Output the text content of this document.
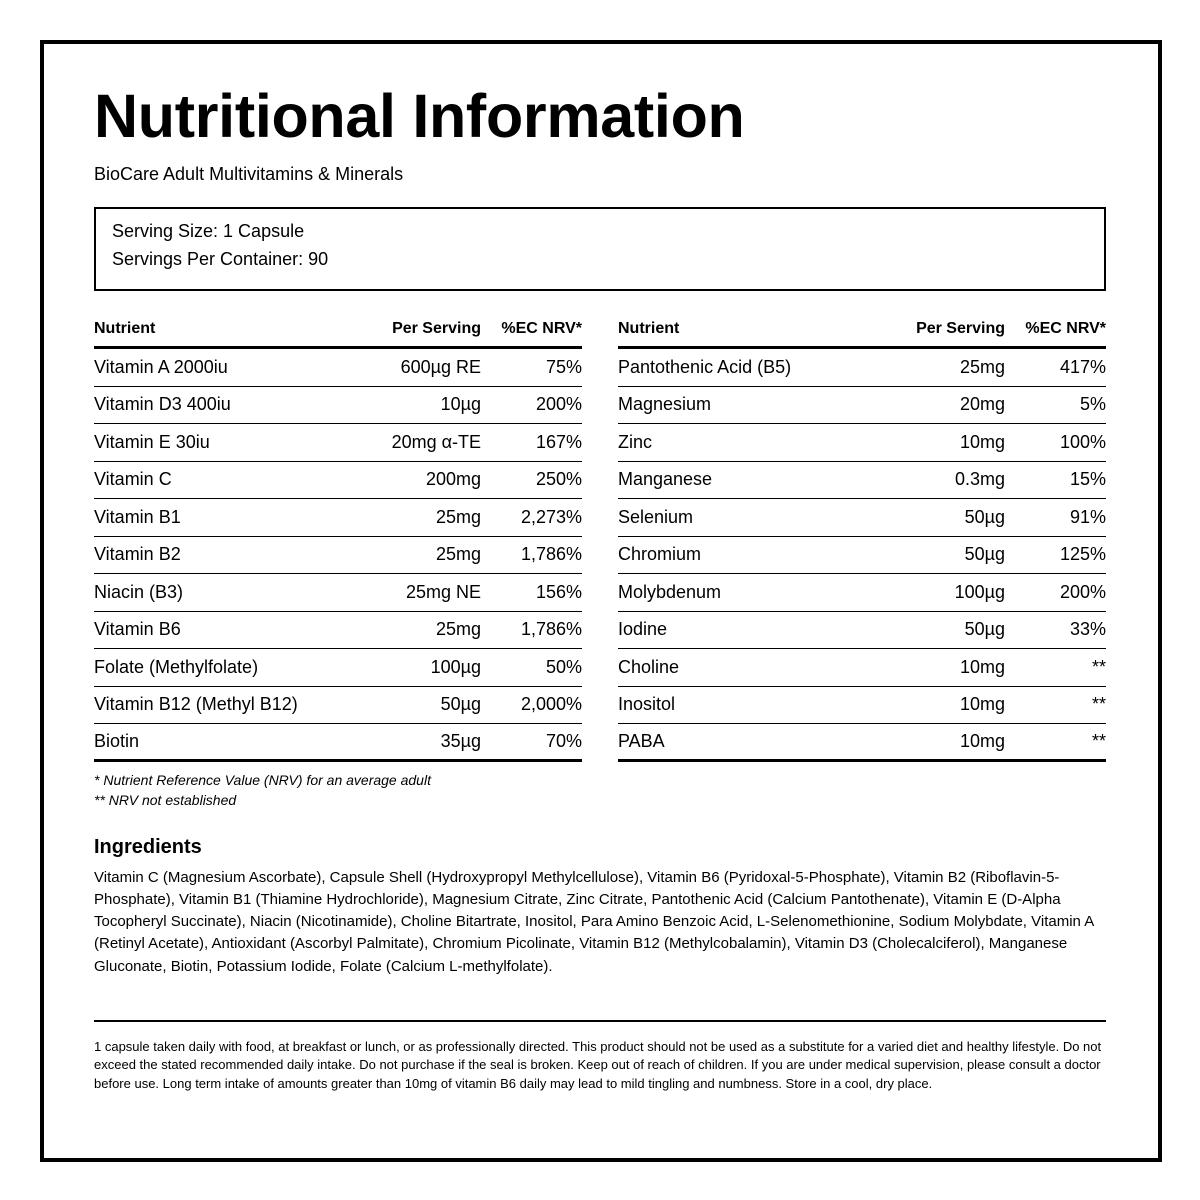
Nutritional Information
BioCare Adult Multivitamins & Minerals
Serving Size: 1 Capsule
Servings Per Container: 90
Nutrient	Per Serving	%EC NRV*
Vitamin A 2000iu	600µg RE	75%
Vitamin D3 400iu	10µg	200%
Vitamin E 30iu	20mg α-TE	167%
Vitamin C	200mg	250%
Vitamin B1	25mg	2,273%
Vitamin B2	25mg	1,786%
Niacin (B3)	25mg NE	156%
Vitamin B6	25mg	1,786%
Folate (Methylfolate)	100µg	50%
Vitamin B12 (Methyl B12)	50µg	2,000%
Biotin	35µg	70%
Nutrient	Per Serving	%EC NRV*
Pantothenic Acid (B5)	25mg	417%
Magnesium	20mg	5%
Zinc	10mg	100%
Manganese	0.3mg	15%
Selenium	50µg	91%
Chromium	50µg	125%
Molybdenum	100µg	200%
Iodine	50µg	33%
Choline	10mg	**
Inositol	10mg	**
PABA	10mg	**
* Nutrient Reference Value (NRV) for an average adult
** NRV not established
Ingredients
Vitamin C (Magnesium Ascorbate), Capsule Shell (Hydroxypropyl Methylcellulose), Vitamin B6 (Pyridoxal-5-Phosphate), Vitamin B2 (Riboflavin-5-Phosphate), Vitamin B1 (Thiamine Hydrochloride), Magnesium Citrate, Zinc Citrate, Pantothenic Acid (Calcium Pantothenate), Vitamin E (D-Alpha Tocopheryl Succinate), Niacin (Nicotinamide), Choline Bitartrate, Inositol, Para Amino Benzoic Acid, L-Selenomethionine, Sodium Molybdate, Vitamin A (Retinyl Acetate), Antioxidant (Ascorbyl Palmitate), Chromium Picolinate, Vitamin B12 (Methylcobalamin), Vitamin D3 (Cholecalciferol), Manganese Gluconate, Biotin, Potassium Iodide, Folate (Calcium L-methylfolate).
1 capsule taken daily with food, at breakfast or lunch, or as professionally directed. This product should not be used as a substitute for a varied diet and healthy lifestyle. Do not exceed the stated recommended daily intake. Do not purchase if the seal is broken. Keep out of reach of children. If you are under medical supervision, please consult a doctor before use. Long term intake of amounts greater than 10mg of vitamin B6 daily may lead to mild tingling and numbness. Store in a cool, dry place.
